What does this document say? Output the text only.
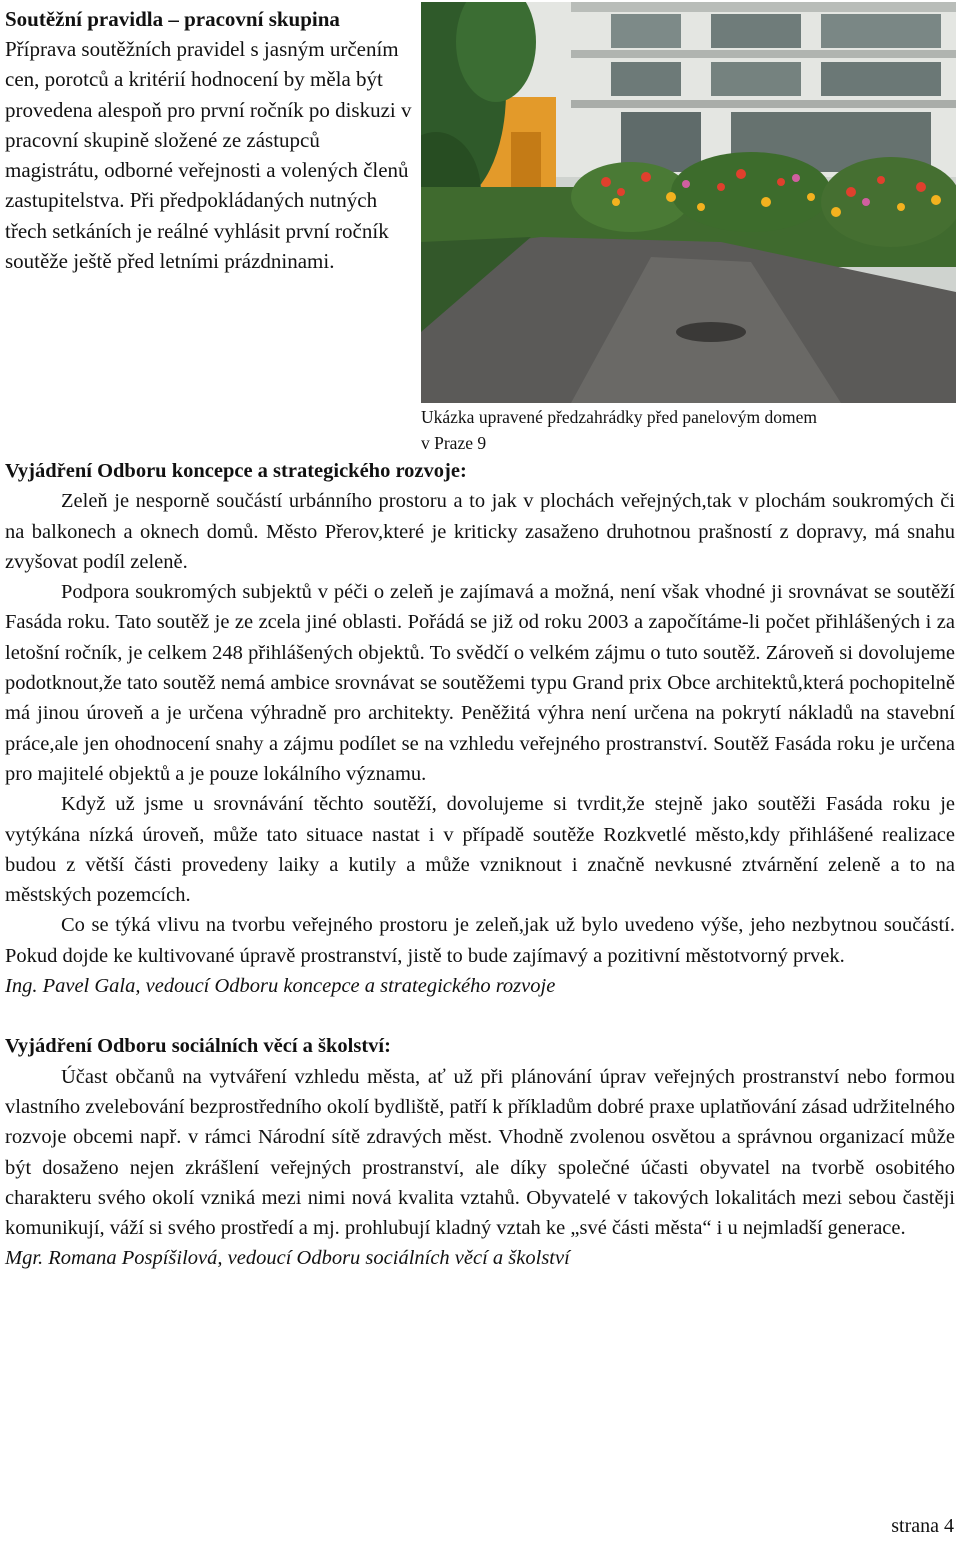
Soutěžní pravidla – pracovní skupina

Příprava soutěžních pravidel s jasným určením cen, porotců a kritérií hodnocení by měla být provedena alespoň pro první ročník po diskuzi v pracovní skupině složené ze zástupců magistrátu, odborné veřejnosti a volených členů zastupitelstva. Při předpokládaných nutných třech setkáních je reálné vyhlásit první ročník soutěže ještě před letními prázdninami.

Ukázka upravené předzahrádky před panelovým domem
v Praze 9
Vyjádření Odboru koncepce a strategického rozvoje:

Zeleň je nesporně součástí urbánního prostoru a to jak v plochách veřejných,tak v plochám soukromých či na balkonech a oknech domů. Město Přerov,které je kriticky zasaženo druhotnou prašností z dopravy, má snahu zvyšovat podíl zeleně.

Podpora soukromých subjektů v péči o zeleň je zajímavá a možná, není však vhodné ji srovnávat se soutěží Fasáda roku. Tato soutěž je ze zcela jiné oblasti. Pořádá se již od roku 2003 a započítáme-li počet přihlášených i za letošní ročník, je celkem 248 přihlášených objektů. To svědčí o velkém zájmu o tuto soutěž. Zároveň si dovolujeme podotknout,že tato soutěž nemá ambice srovnávat se soutěžemi typu Grand prix Obce architektů,která pochopitelně má jinou úroveň a je určena výhradně pro architekty. Peněžitá výhra není určena na pokrytí nákladů na stavební práce,ale jen ohodnocení snahy a zájmu podílet se na vzhledu veřejného prostranství. Soutěž Fasáda roku je určena pro majitelé objektů a je pouze lokálního významu.

Když už jsme u srovnávání těchto soutěží, dovolujeme si tvrdit,že stejně jako soutěži Fasáda roku je vytýkána nízká úroveň, může tato situace nastat i v případě soutěže Rozkvetlé město,kdy přihlášené realizace budou z větší části provedeny laiky a kutily a může vzniknout i značně nevkusné ztvárnění zeleně a to na městských pozemcích.

Co se týká vlivu na tvorbu veřejného prostoru je zeleň,jak už bylo uvedeno výše, jeho nezbytnou součástí. Pokud dojde ke kultivované úpravě prostranství, jistě to bude zajímavý a pozitivní městotvorný prvek.

Ing. Pavel Gala, vedoucí Odboru koncepce a strategického rozvoje

Vyjádření Odboru sociálních věcí a školství:

Účast občanů na vytváření vzhledu města, ať už při plánování úprav veřejných prostranství nebo formou vlastního zvelebování bezprostředního okolí bydliště, patří k příkladům dobré praxe uplatňování zásad udržitelného rozvoje obcemi např. v rámci Národní sítě zdravých měst. Vhodně zvolenou osvětou a správnou organizací může být dosaženo nejen zkrášlení veřejných prostranství, ale díky společné účasti obyvatel na tvorbě osobitého charakteru svého okolí vzniká mezi nimi nová kvalita vztahů. Obyvatelé v takových lokalitách mezi sebou častěji komunikují, váží si svého prostředí a mj. prohlubují kladný vztah ke „své části města“ i u nejmladší generace.

Mgr. Romana Pospíšilová, vedoucí Odboru sociálních věcí a školství

strana 4
